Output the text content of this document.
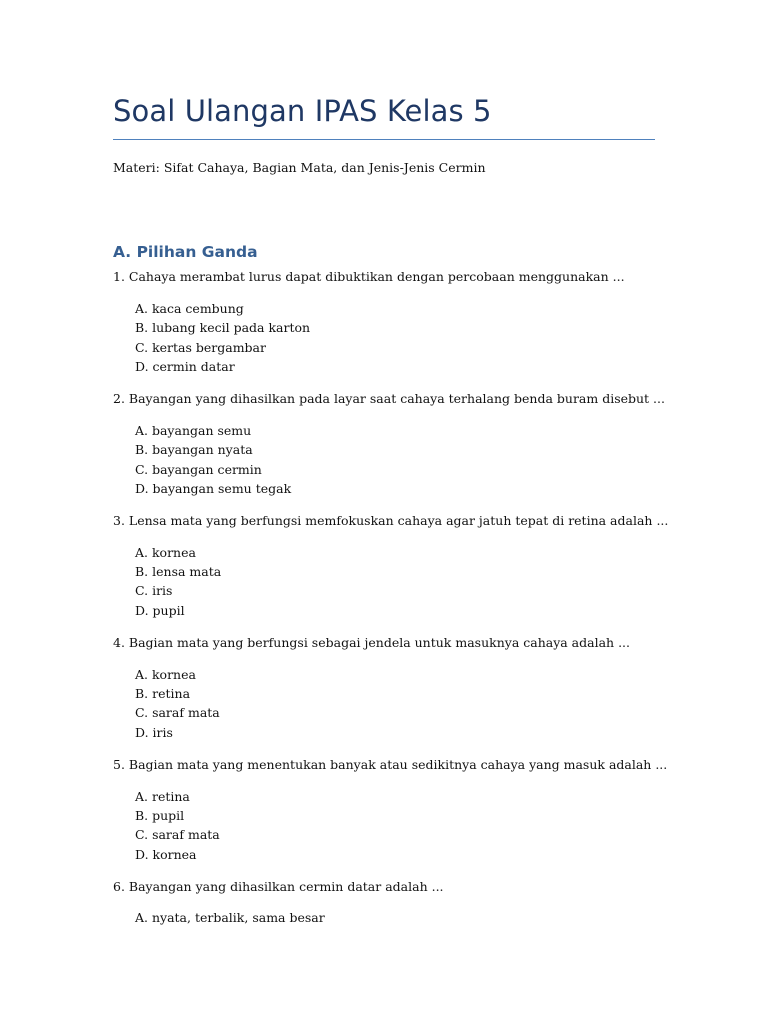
Soal Ulangan IPAS Kelas 5
Materi: Sifat Cahaya, Bagian Mata, dan Jenis-Jenis Cermin
A. Pilihan Ganda
1. Cahaya merambat lurus dapat dibuktikan dengan percobaan menggunakan ...
A. kaca cembung
B. lubang kecil pada karton
C. kertas bergambar
D. cermin datar
2. Bayangan yang dihasilkan pada layar saat cahaya terhalang benda buram disebut ...
A. bayangan semu
B. bayangan nyata
C. bayangan cermin
D. bayangan semu tegak
3. Lensa mata yang berfungsi memfokuskan cahaya agar jatuh tepat di retina adalah ...
A. kornea
B. lensa mata
C. iris
D. pupil
4. Bagian mata yang berfungsi sebagai jendela untuk masuknya cahaya adalah ...
A. kornea
B. retina
C. saraf mata
D. iris
5. Bagian mata yang menentukan banyak atau sedikitnya cahaya yang masuk adalah ...
A. retina
B. pupil
C. saraf mata
D. kornea
6. Bayangan yang dihasilkan cermin datar adalah ...
A. nyata, terbalik, sama besar
